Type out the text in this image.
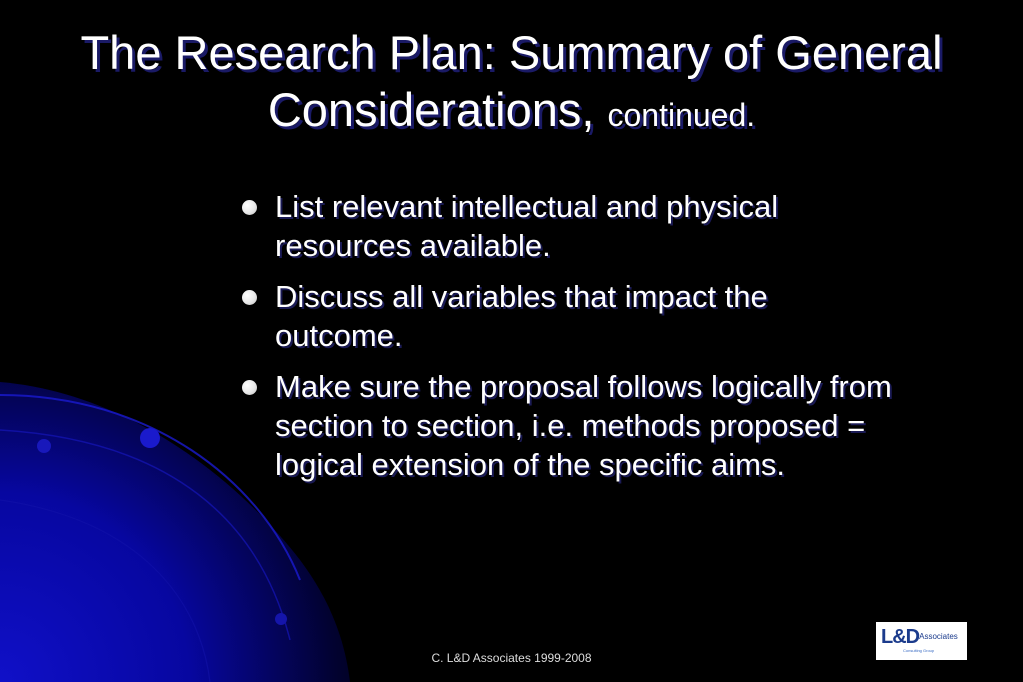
The Research Plan: Summary of General Considerations, continued.
List relevant intellectual and physical resources available.
Discuss all variables that impact the outcome.
Make sure the proposal follows logically from section to section, i.e. methods proposed = logical extension of the specific aims.
C. L&D Associates 1999-2008
$L\&D^{Associates}$
Consulting Group
